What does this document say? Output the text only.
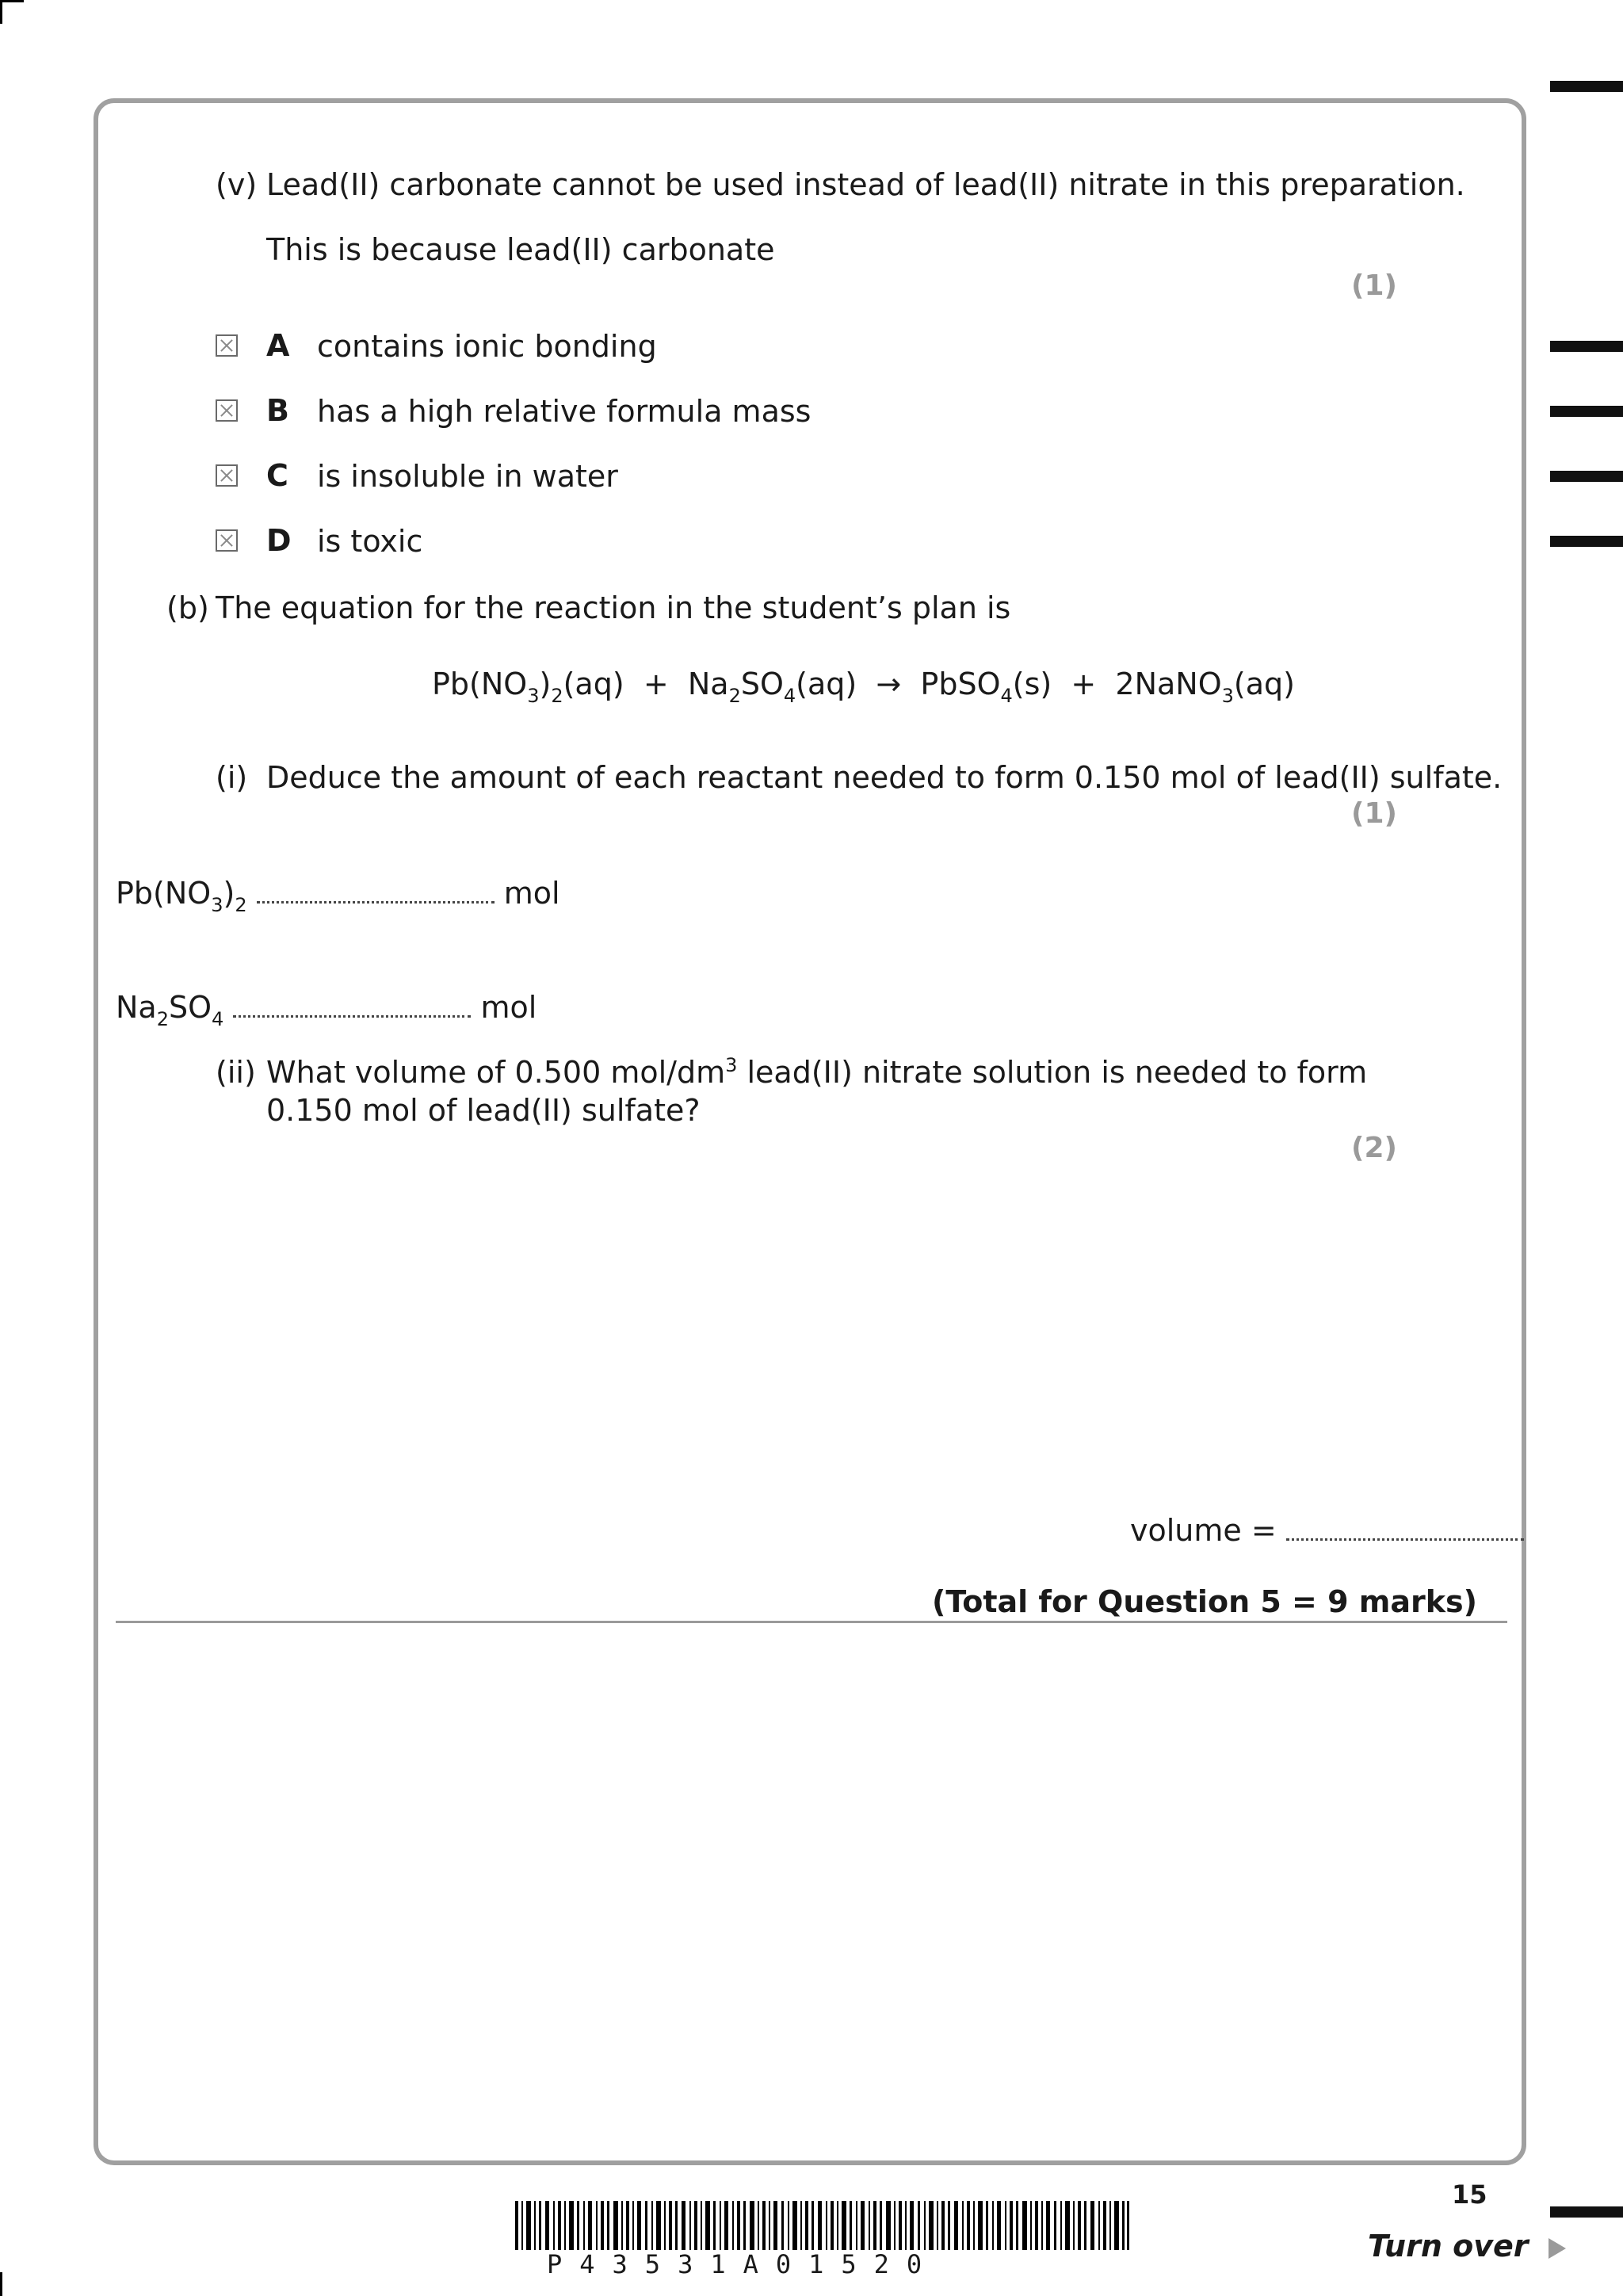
(v) Lead(II) carbonate cannot be used instead of lead(II) nitrate in this preparation.
This is because lead(II) carbonate
(1)
A contains ionic bonding
B has a high relative formula mass
C is insoluble in water
D is toxic
(b) The equation for the reaction in the student’s plan is
$Pb(NO_3)_2(aq) + Na_2SO_4(aq)$ → PbSO$_4$(s) + 2NaNO$_3$(aq)
(i) Deduce the amount of each reactant needed to form 0.150 mol of lead(II) sulfate.
(1)
$Pb(NO_3)_2$	mol
$Na_2SO_4$	mol
(ii) What volume of 0.500 mol/$dm^3$ lead(II) nitrate solution is needed to form
0.150 mol of lead(II) sulfate?
(2)
volume =
(Total for Question 5 = 9 marks)
P43531A01520
15
Turn over
